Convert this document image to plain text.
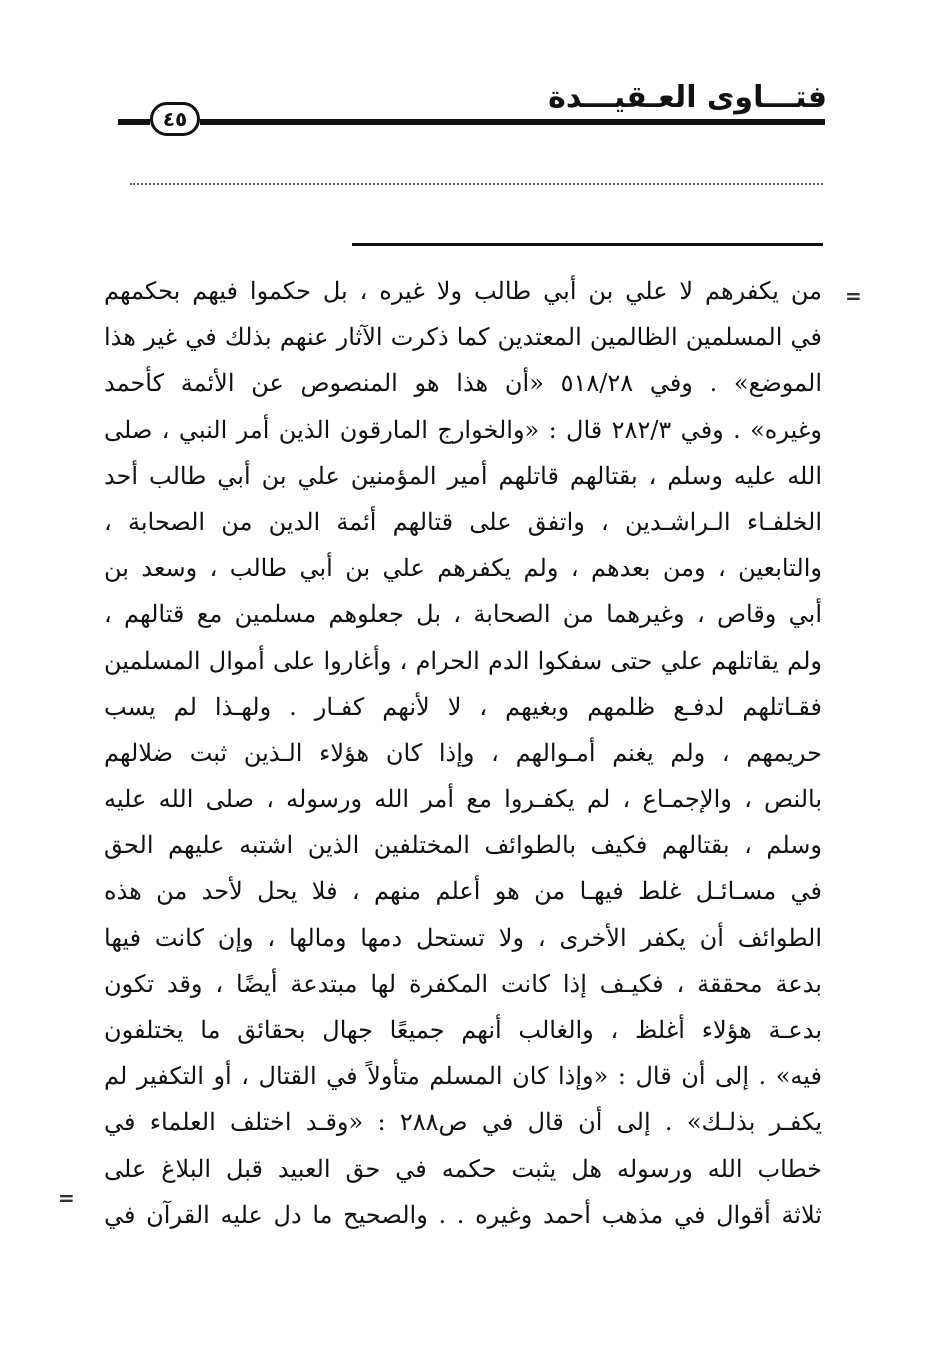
فتـــاوى العـقيـــدة
٤٥
=
من يكفرهم لا علي بن أبي طالب ولا غيره ، بل حكموا فيهم بحكمهم
في المسلمين الظالمين المعتدين كما ذكرت الآثار عنهم بذلك في غير هذا
الموضع» . وفي ٥١٨/٢٨ «أن هذا هو المنصوص عن الأئمة كأحمد
وغيره» . وفي ٢٨٢/٣ قال : «والخوارج المارقون الذين أمر النبي ، صلى
الله عليه وسلم ، بقتالهم قاتلهم أمير المؤمنين علي بن أبي طالب أحد
الخلفـاء الـراشـدين ، واتفق على قتالهم أئمة الدين من الصحابة ،
والتابعين ، ومن بعدهم ، ولم يكفرهم علي بن أبي طالب ، وسعد بن
أبي وقاص ، وغيرهما من الصحابة ، بل جعلوهم مسلمين مع قتالهم ،
ولم يقاتلهم علي حتى سفكوا الدم الحرام ، وأغاروا على أموال المسلمين
فقـاتلهم لدفـع ظلمهم وبغيهم ، لا لأنهم كفـار . ولهـذا لم يسب
حريمهم ، ولم يغنم أمـوالهم ، وإذا كان هؤلاء الـذين ثبت ضلالهم
بالنص ، والإجمـاع ، لم يكفـروا مع أمر الله ورسوله ، صلى الله عليه
وسلم ، بقتالهم فكيف بالطوائف المختلفين الذين اشتبه عليهم الحق
في مسـائـل غلط فيهـا من هو أعلم منهم ، فلا يحل لأحد من هذه
الطوائف أن يكفر الأخرى ، ولا تستحل دمها ومالها ، وإن كانت فيها
بدعة محققة ، فكيـف إذا كانت المكفرة لها مبتدعة أيضًا ، وقد تكون
بدعـة هؤلاء أغلظ ، والغالب أنهم جميعًا جهال بحقائق ما يختلفون
فيه» . إلى أن قال : «وإذا كان المسلم متأولاً في القتال ، أو التكفير لم
يكفـر بذلـك» . إلى أن قال في ص٢٨٨ : «وقـد اختلف العلماء في
خطاب الله ورسوله هل يثبت حكمه في حق العبيد قبل البلاغ على
ثلاثة أقوال في مذهب أحمد وغيره . . والصحيح ما دل عليه القرآن في
=
